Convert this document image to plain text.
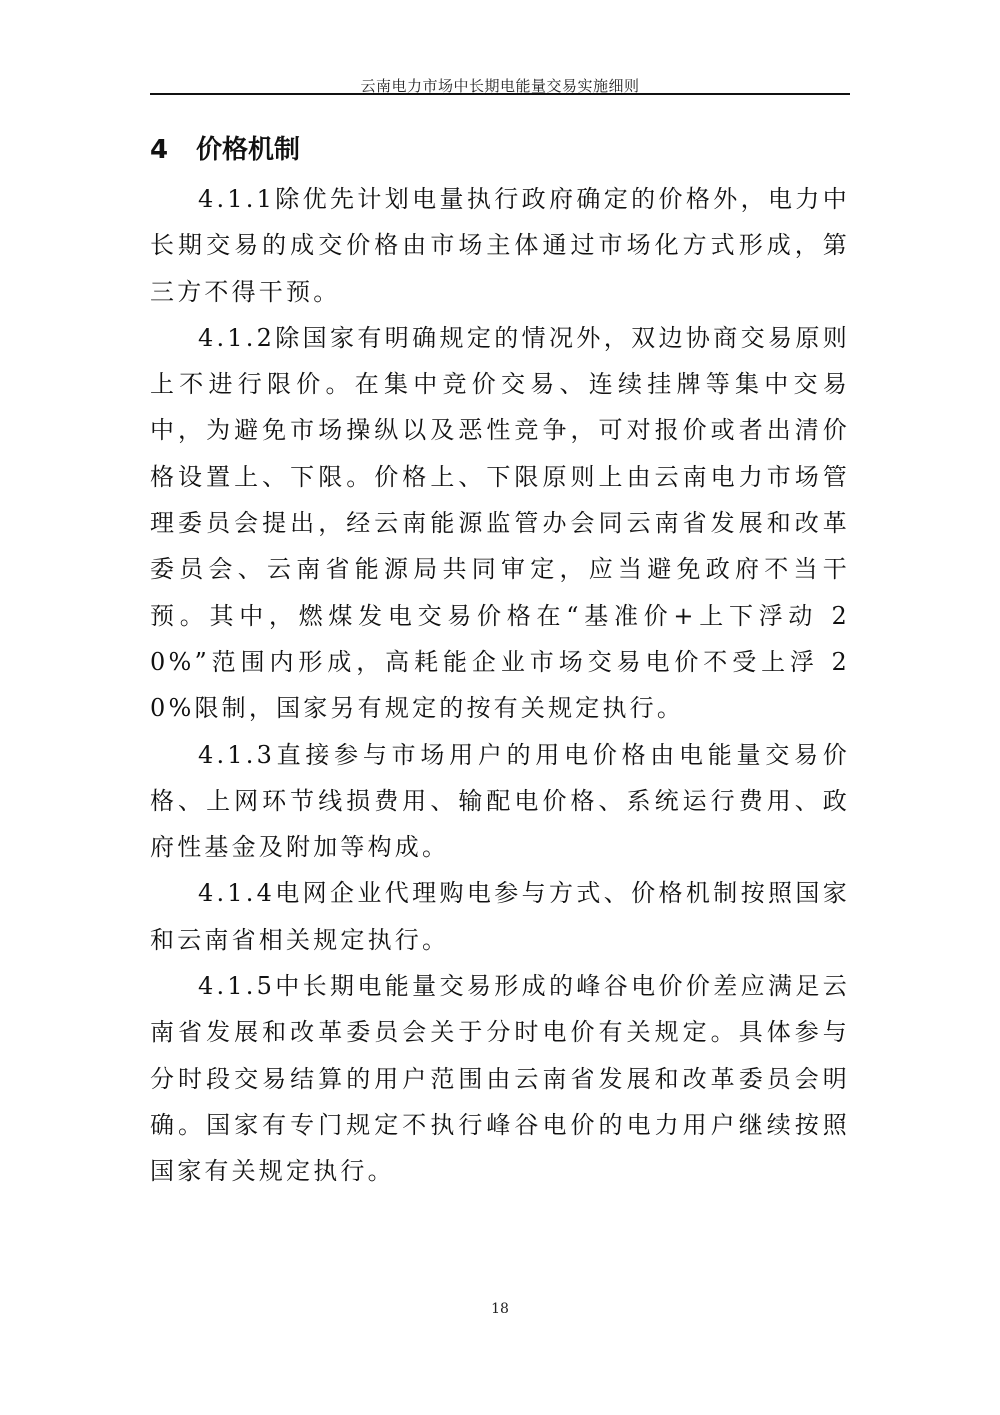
云南电力市场中长期电能量交易实施细则
4 价格机制

4.1.1除优先计划电量执行政府确定的价格外，电力中长期交易的成交价格由市场主体通过市场化方式形成，第三方不得干预。

4.1.2除国家有明确规定的情况外，双边协商交易原则上不进行限价。在集中竞价交易、连续挂牌等集中交易中，为避免市场操纵以及恶性竞争，可对报价或者出清价格设置上、下限。价格上、下限原则上由云南电力市场管理委员会提出，经云南能源监管办会同云南省发展和改革委员会、云南省能源局共同审定，应当避免政府不当干预。其中，燃煤发电交易价格在“基准价+上下浮动 20%”范围内形成，高耗能企业市场交易电价不受上浮 20%限制，国家另有规定的按有关规定执行。

4.1.3直接参与市场用户的用电价格由电能量交易价格、上网环节线损费用、输配电价格、系统运行费用、政府性基金及附加等构成。

4.1.4电网企业代理购电参与方式、价格机制按照国家和云南省相关规定执行。

4.1.5中长期电能量交易形成的峰谷电价价差应满足云南省发展和改革委员会关于分时电价有关规定。具体参与分时段交易结算的用户范围由云南省发展和改革委员会明确。国家有专门规定不执行峰谷电价的电力用户继续按照国家有关规定执行。

18
